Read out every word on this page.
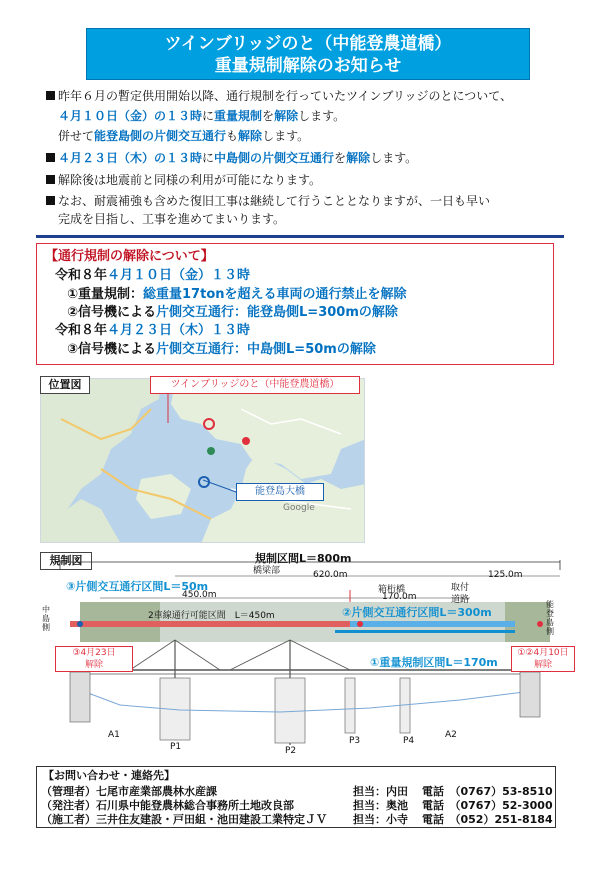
ツインブリッジのと（中能登農道橋）
重量規制解除のお知らせ
昨年６月の暫定供用開始以降、通行規制を行っていたツインブリッジのとについて、
４月１０日（金）の１３時に重量規制を解除します。
併せて能登島側の片側交互通行も解除します。
４月２３日（木）の１３時に中島側の片側交互通行を解除します。
解除後は地震前と同様の利用が可能になります。
なお、耐震補強も含めた復旧工事は継続して行うこととなりますが、一日も早い
完成を目指し、工事を進めてまいります。
【通行規制の解除について】
令和８年４月１０日（金）１３時
①重量規制：総重量17tonを超える車両の通行禁止を解除
②信号機による片側交互通行：能登島側L=300mの解除
令和８年４月２３日（木）１３時
③信号機による片側交互通行：中島側L=50mの解除
位置図	ツインブリッジのと（中能登農道橋）
能登島大橋
Google
規制図	規制区間L＝800m
橋梁部	620.0m	125.0m
③片側交互通行区間L＝50m
450.0m	箱桁橋
170.0m
取付
道路
②片側交互通行区間L＝300m
2車線通行可能区間　L＝450m
中島側
能登島側
③4月23日
解除
①②4月10日
解除
①重量規制区間L＝170m
A1
P1	P2
P3	P4
A2
【お問い合わせ・連絡先】
（管理者）七尾市産業部農林水産課	担当：内田 電話　 （0767）53-8510
（発注者）石川県中能登農林総合事務所土地改良部	担当：奥池 電話　 （0767）52-3000
（施工者）三井住友建設・戸田組・池田建設工業特定ＪＶ 担当：小寺 電話　 （052）251-8184
